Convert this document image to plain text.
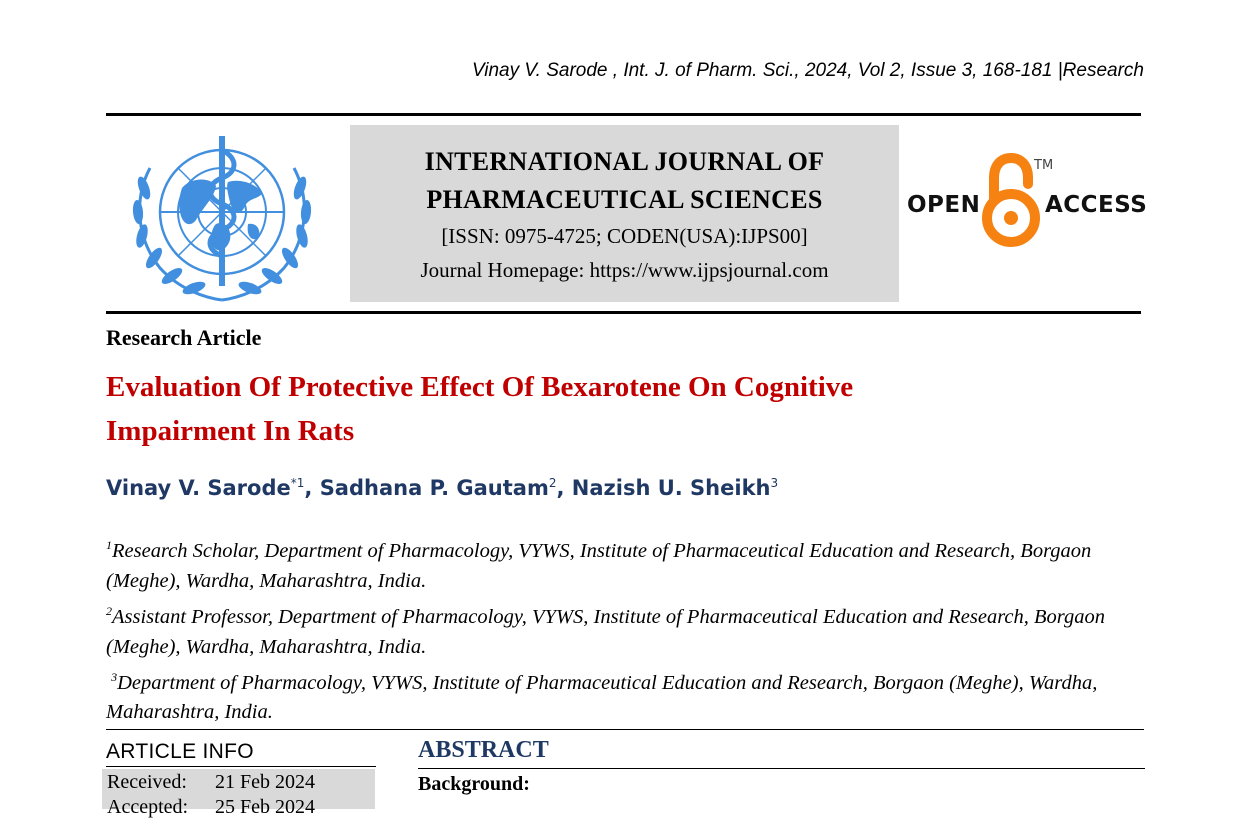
Vinay V. Sarode , Int. J. of Pharm. Sci., 2024, Vol 2, Issue 3, 168-181 |Research
INTERNATIONAL JOURNAL OF
PHARMACEUTICAL SCIENCES
[ISSN: 0975-4725; CODEN(USA):IJPS00]
Journal Homepage: https://www.ijpsjournal.com
OPEN
TM
ACCESS
Research Article
Evaluation Of Protective Effect Of Bexarotene On Cognitive Impairment In Rats
Vinay V. Sarode$^{*1}$, Sadhana P. Gautam$^2$, Nazish U. Sheikh$^3$
$^1$Research Scholar, Department of Pharmacology, VYWS, Institute of Pharmaceutical Education and Research, Borgaon (Meghe), Wardha, Maharashtra, India.
$^2$Assistant Professor, Department of Pharmacology, VYWS, Institute of Pharmaceutical Education and Research, Borgaon (Meghe), Wardha, Maharashtra, India.
$^3$Department of Pharmacology, VYWS, Institute of Pharmaceutical Education and Research, Borgaon (Meghe), Wardha, Maharashtra, India.
ARTICLE INFO
Received: 21 Feb 2024
Accepted: 25 Feb 2024
ABSTRACT
Background:
